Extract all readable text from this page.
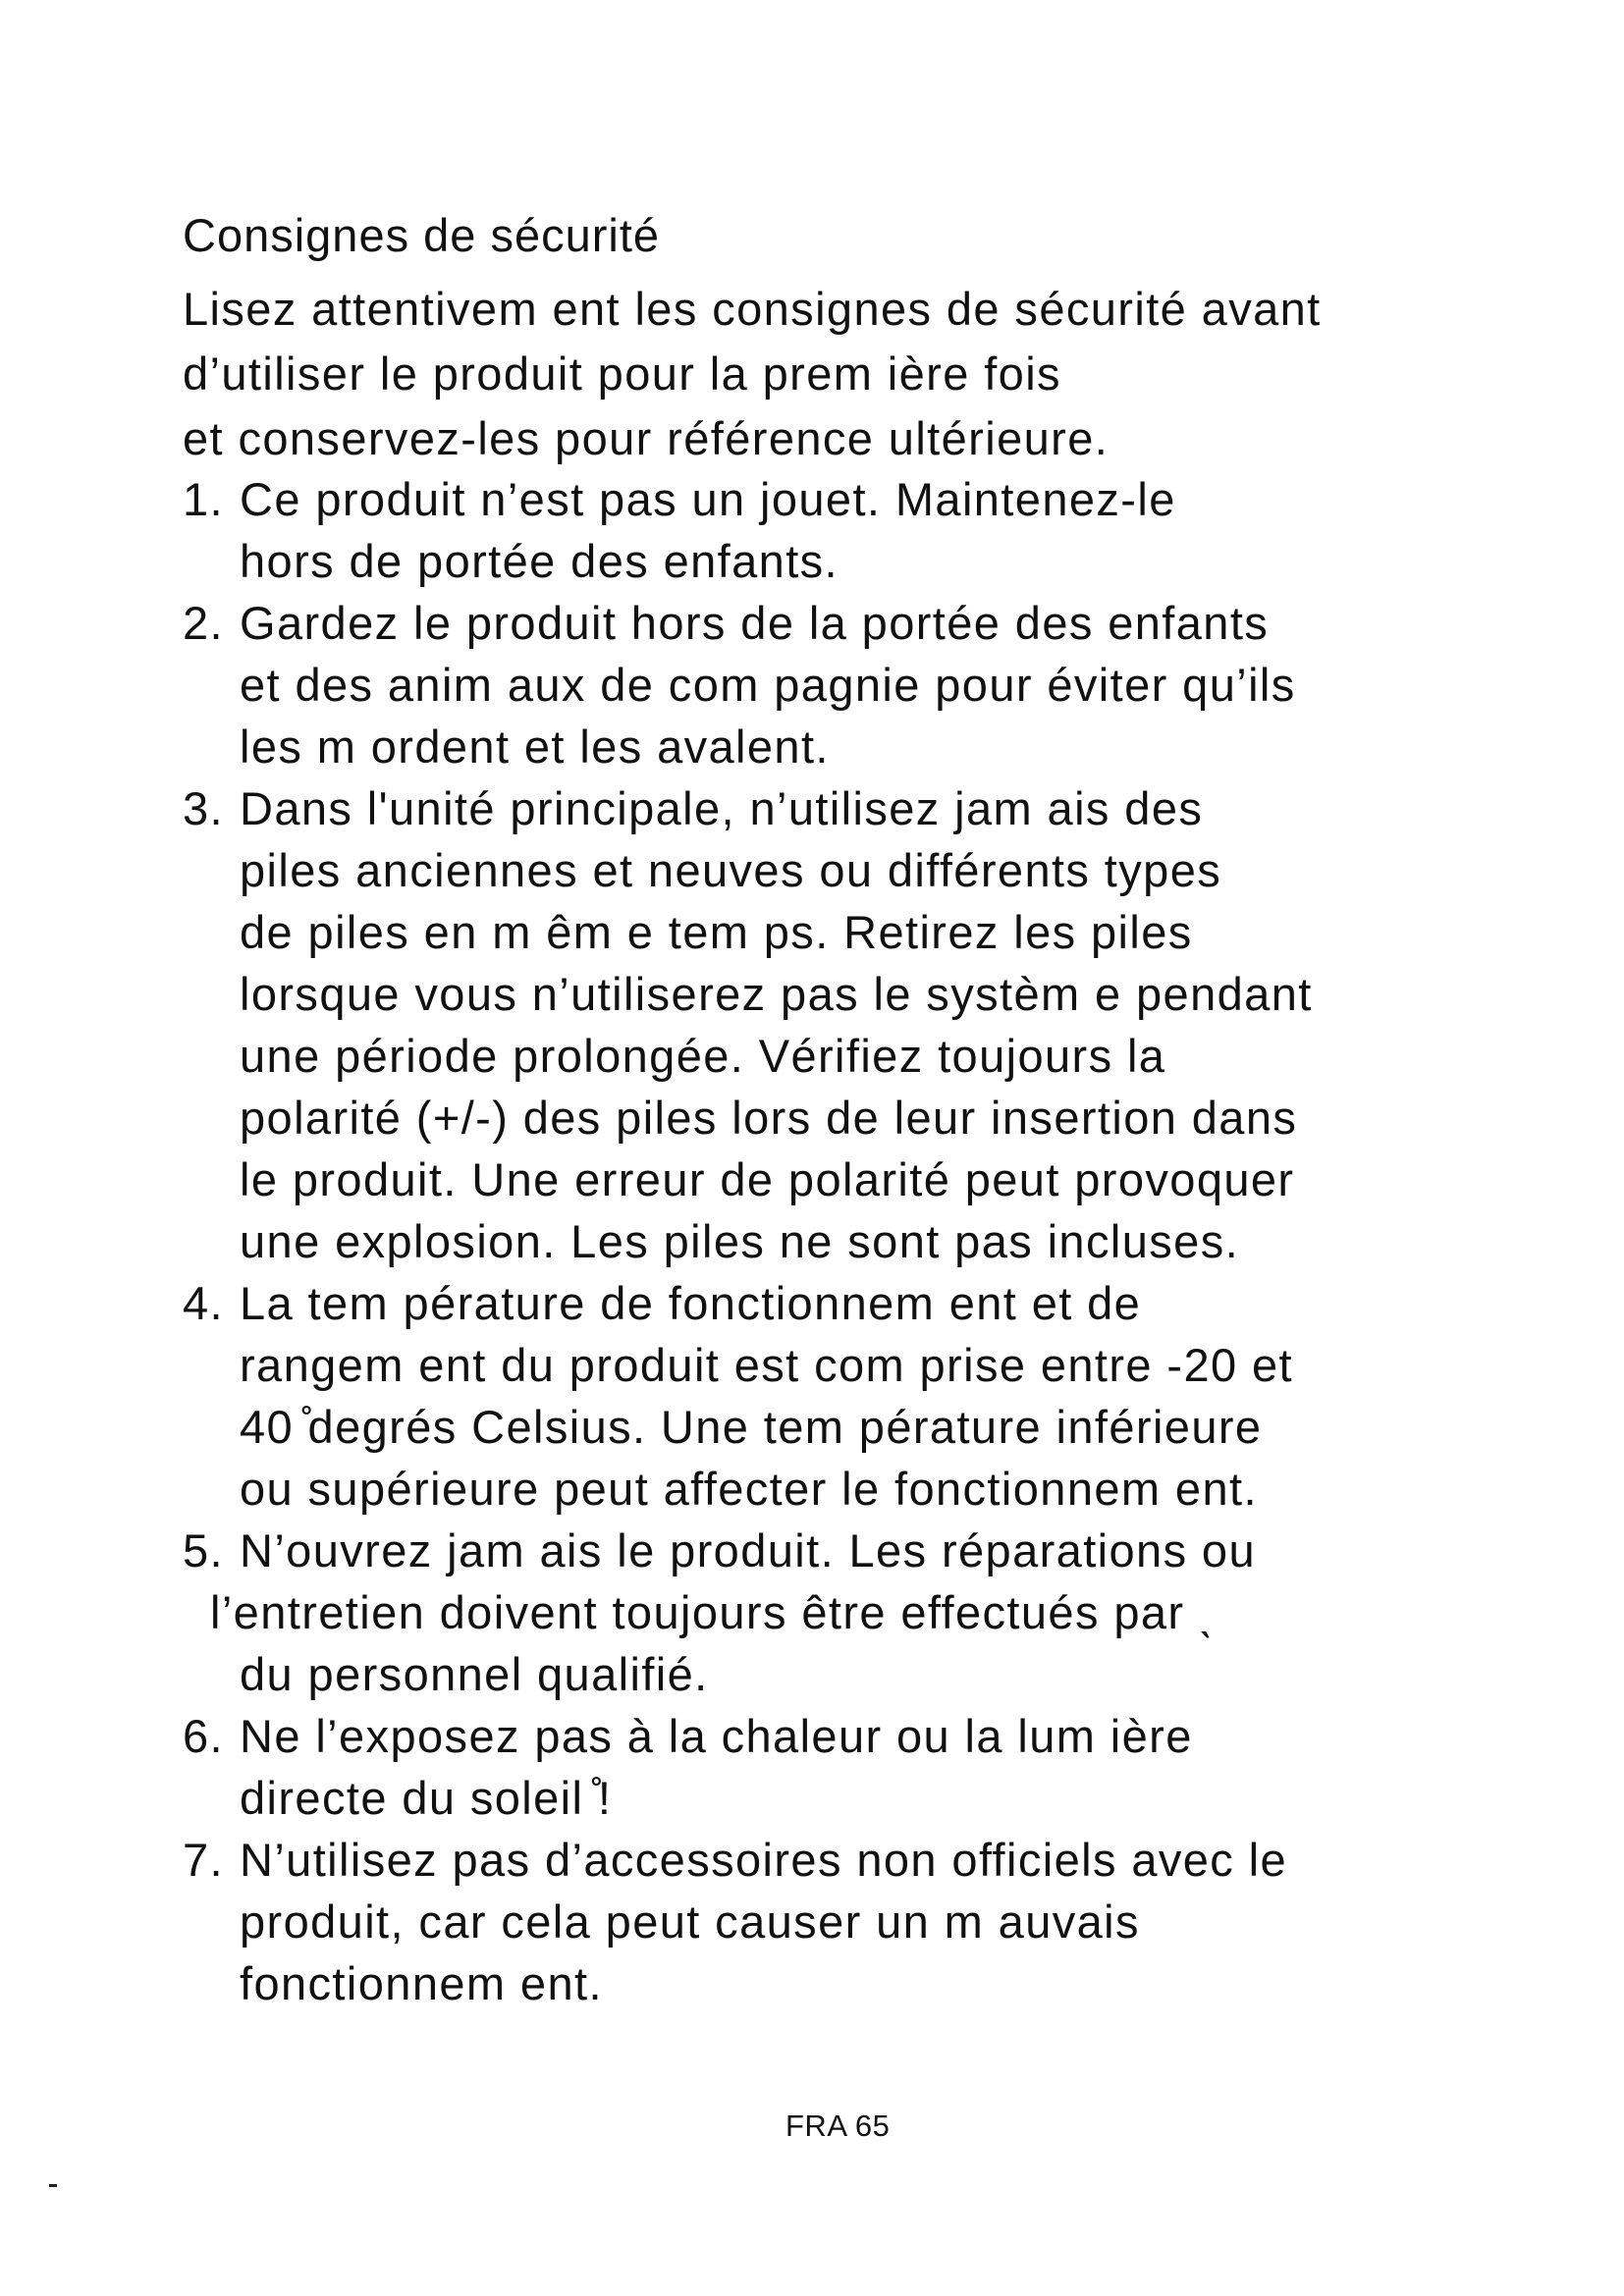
Consignes de sécurité
Lisez attentivem ent les consignes de sécurité avant
d’utiliser le produit pour la prem ière fois
et conservez-les pour référence ultérieure.
1. Ce produit n’est pas un jouet. Maintenez-le
hors de portée des enfants.
2. Gardez le produit hors de la portée des enfants
et des anim aux de com pagnie pour éviter qu’ils
les m ordent et les avalent.
3. Dans l'unité principale, n’utilisez jam ais des
piles anciennes et neuves ou différents types
de piles en m êm e tem ps. Retirez les piles
lorsque vous n’utiliserez pas le systèm e pendant
une période prolongée. Vérifiez toujours la
polarité (+/-) des piles lors de leur insertion dans
le produit. Une erreur de polarité peut provoquer
une explosion. Les piles ne sont pas incluses.
4. La tem pérature de fonctionnem ent et de
rangem ent du produit est com prise entre -20 et
40 ̊degrés Celsius. Une tem pérature inférieure
ou supérieure peut affecter le fonctionnem ent.
5. N’ouvrez jam ais le produit. Les réparations ou
l’entretien doivent toujours être effectués par ˎ
du personnel qualifié.
6. Ne l’exposez pas à la chaleur ou la lum ière
directe du soleil ̊!
7. N’utilisez pas d’accessoires non officiels avec le
produit, car cela peut causer un m auvais
fonctionnem ent.
FRA 65
